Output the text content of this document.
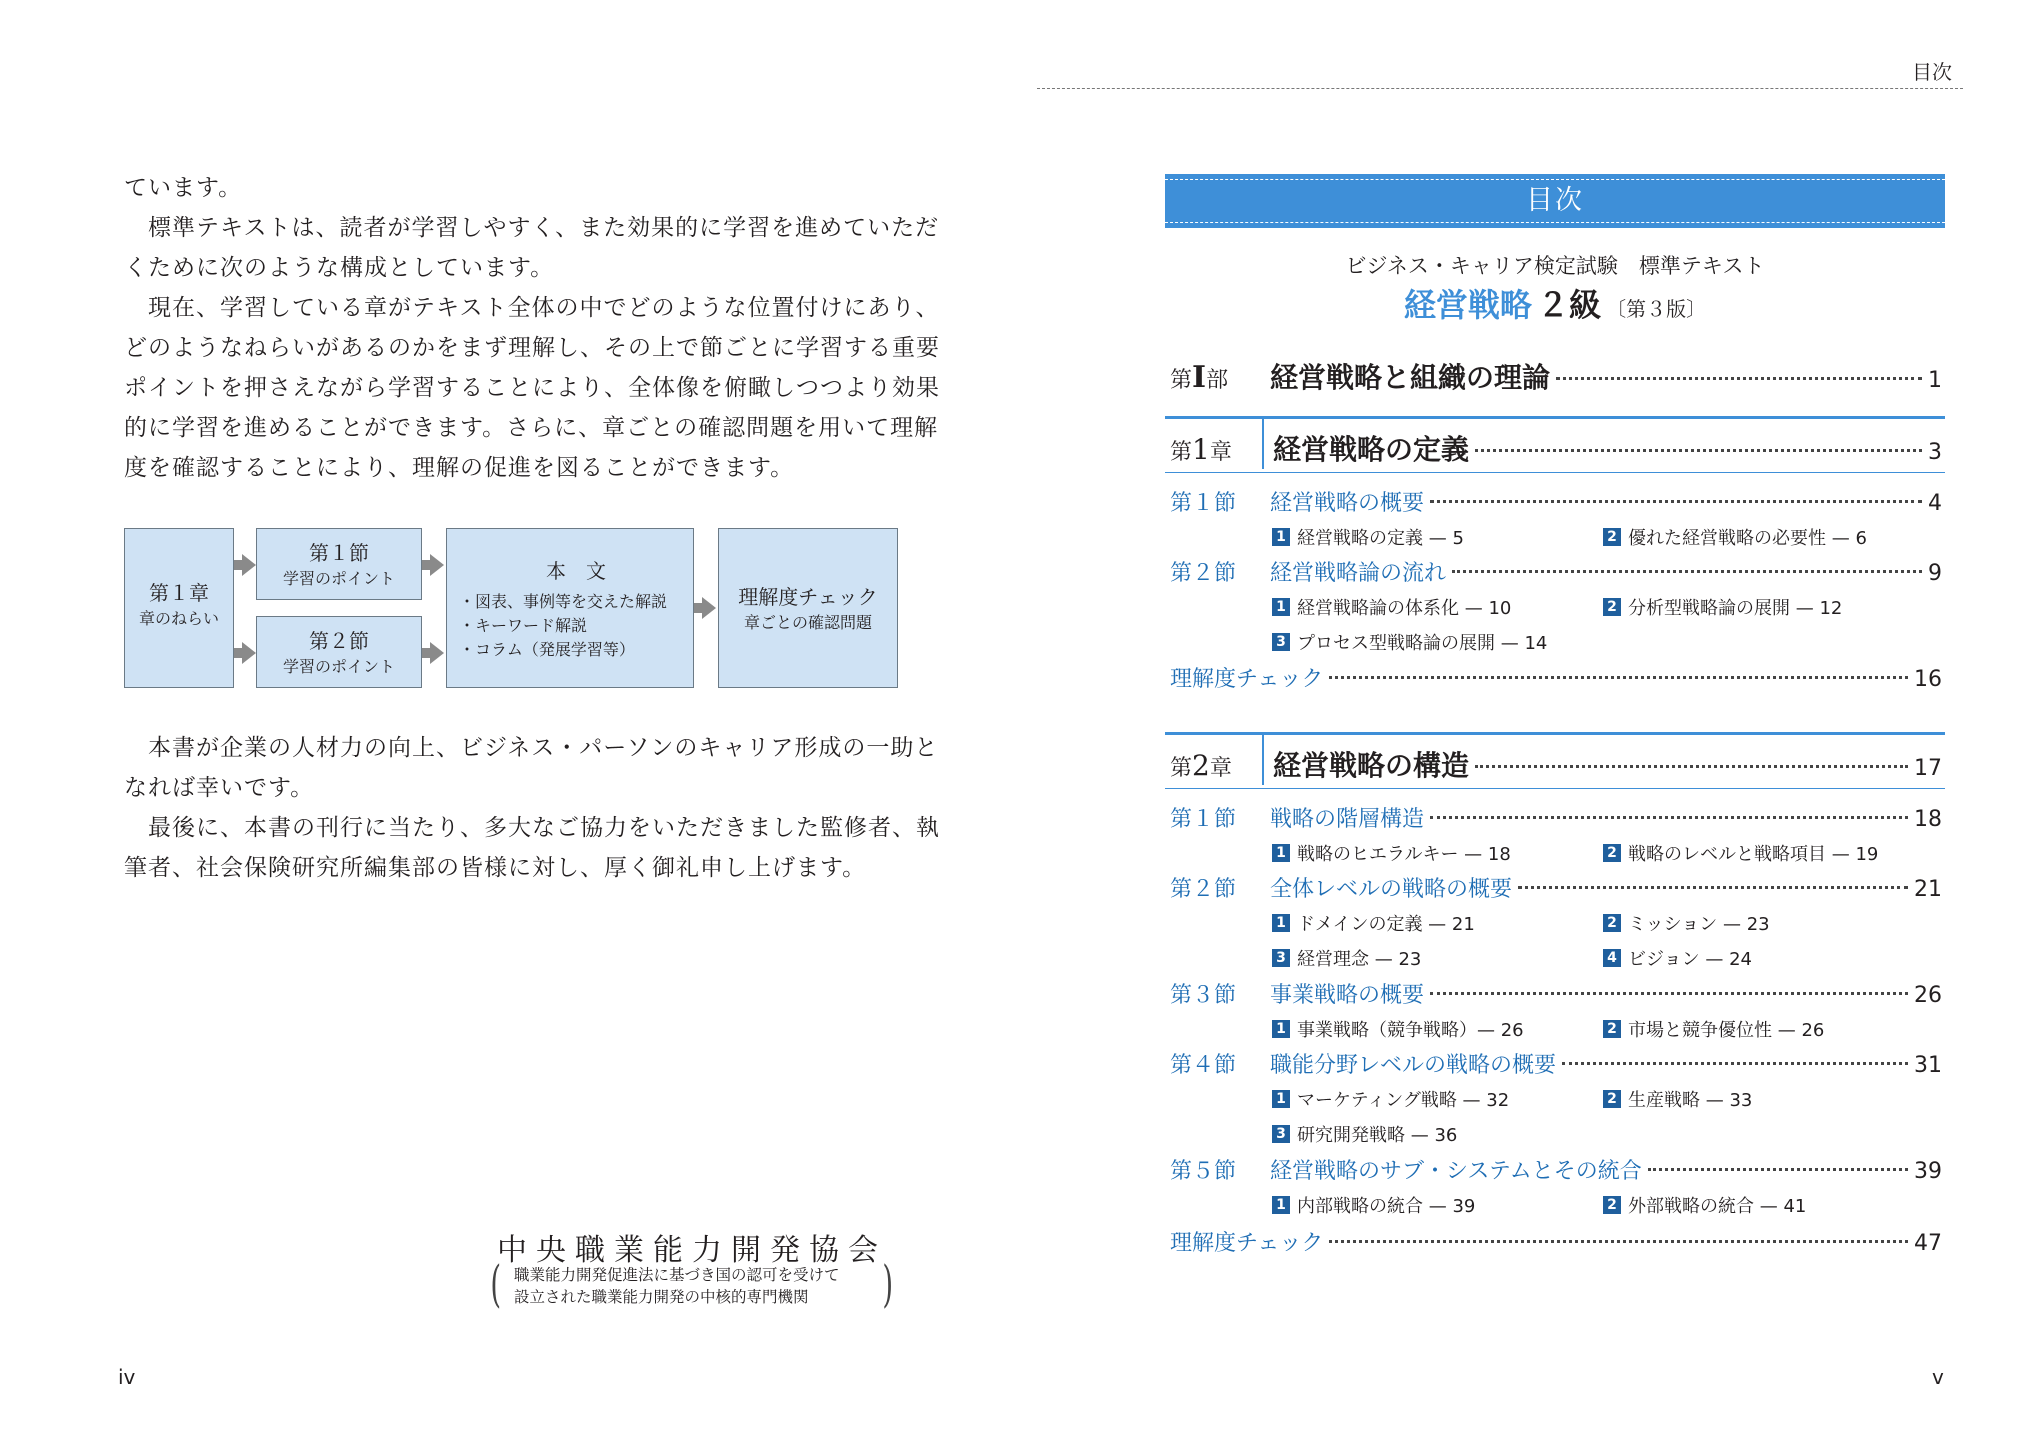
ています。
　標準テキストは、読者が学習しやすく、また効果的に学習を進めていただ
くために次のような構成としています。
　現在、学習している章がテキスト全体の中でどのような位置付けにあり、
どのようなねらいがあるのかをまず理解し、その上で節ごとに学習する重要
ポイントを押さえながら学習することにより、全体像を俯瞰しつつより効果
的に学習を進めることができます。さらに、章ごとの確認問題を用いて理解
度を確認することにより、理解の促進を図ることができます。
第１章
章のねらい
第１節
学習のポイント
第２節
学習のポイント
本　文
・図表、事例等を交えた解説
・キーワード解説
・コラム（発展学習等）
理解度チェック
章ごとの確認問題
　本書が企業の人材力の向上、ビジネス・パーソンのキャリア形成の一助と
なれば幸いです。
　最後に、本書の刊行に当たり、多大なご協力をいただきました監修者、執
筆者、社会保険研究所編集部の皆様に対し、厚く御礼申し上げます。
中央職業能力開発協会
( 職業能力開発促進法に基づき国の認可を受けて
設立された職業能力開発の中核的専門機関	)
iv
目次
目次
ビジネス・キャリア検定試験　標準テキスト
経営戦略 ２級 〔第３版〕
第I部	経営戦略と組織の理論	1
第1章	経営戦略の定義	3
第１節	経営戦略の概要	4
1 経営戦略の定義 — 5	2 優れた経営戦略の必要性 — 6
第２節	経営戦略論の流れ	9
1 経営戦略論の体系化 — 10	2 分析型戦略論の展開 — 12
3 プロセス型戦略論の展開 — 14
理解度チェック	16
第2章	経営戦略の構造	17
第１節	戦略の階層構造	18
1 戦略のヒエラルキー — 18	2 戦略のレベルと戦略項目 — 19
第２節	全体レベルの戦略の概要	21
1 ドメインの定義 — 21	2 ミッション — 23
3 経営理念 — 23	4 ビジョン — 24
第３節	事業戦略の概要	26
1 事業戦略（競争戦略）— 26	2 市場と競争優位性 — 26
第４節	職能分野レベルの戦略の概要	31
1 マーケティング戦略 — 32	2 生産戦略 — 33
3 研究開発戦略 — 36
第５節	経営戦略のサブ・システムとその統合	39
1 内部戦略の統合 — 39	2 外部戦略の統合 — 41
理解度チェック	47
v
